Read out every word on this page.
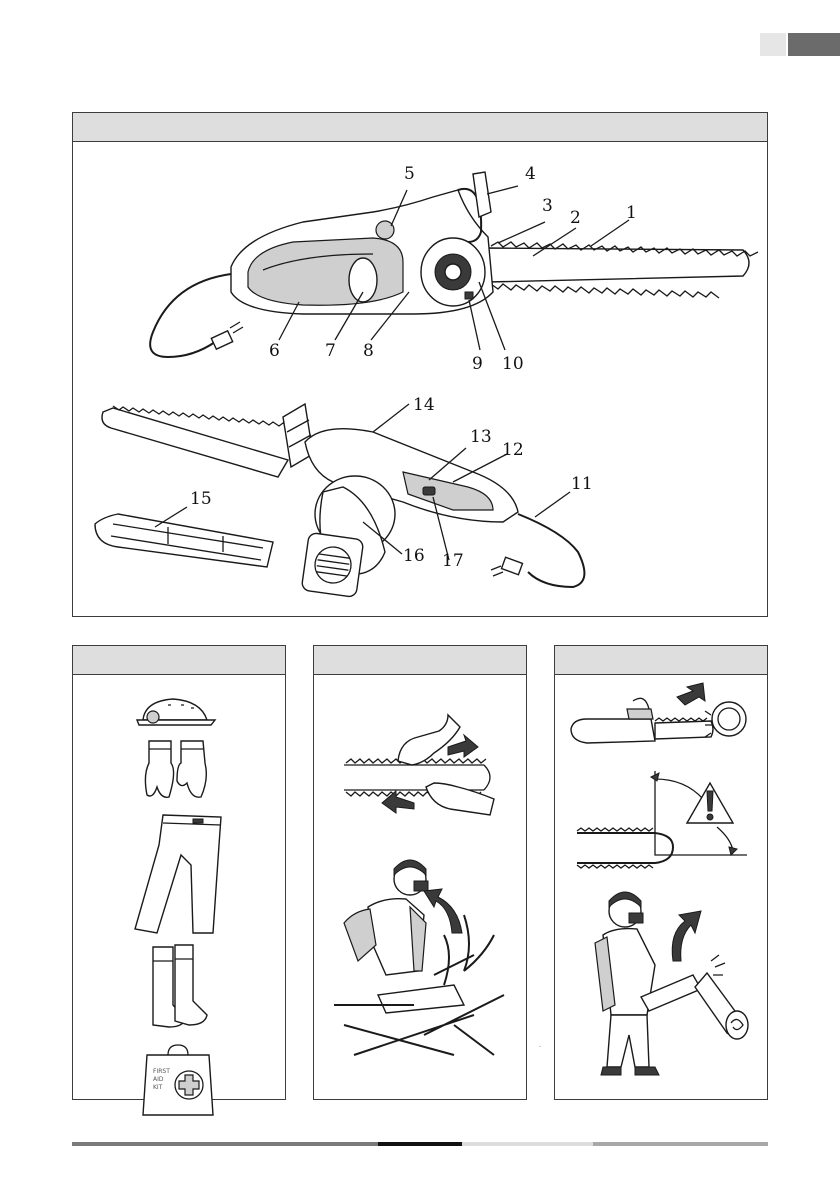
1
2
3
4
5
6	7 8
9 10
14
13
12
11
15
16 17
FIRST
AID
KIT
.
